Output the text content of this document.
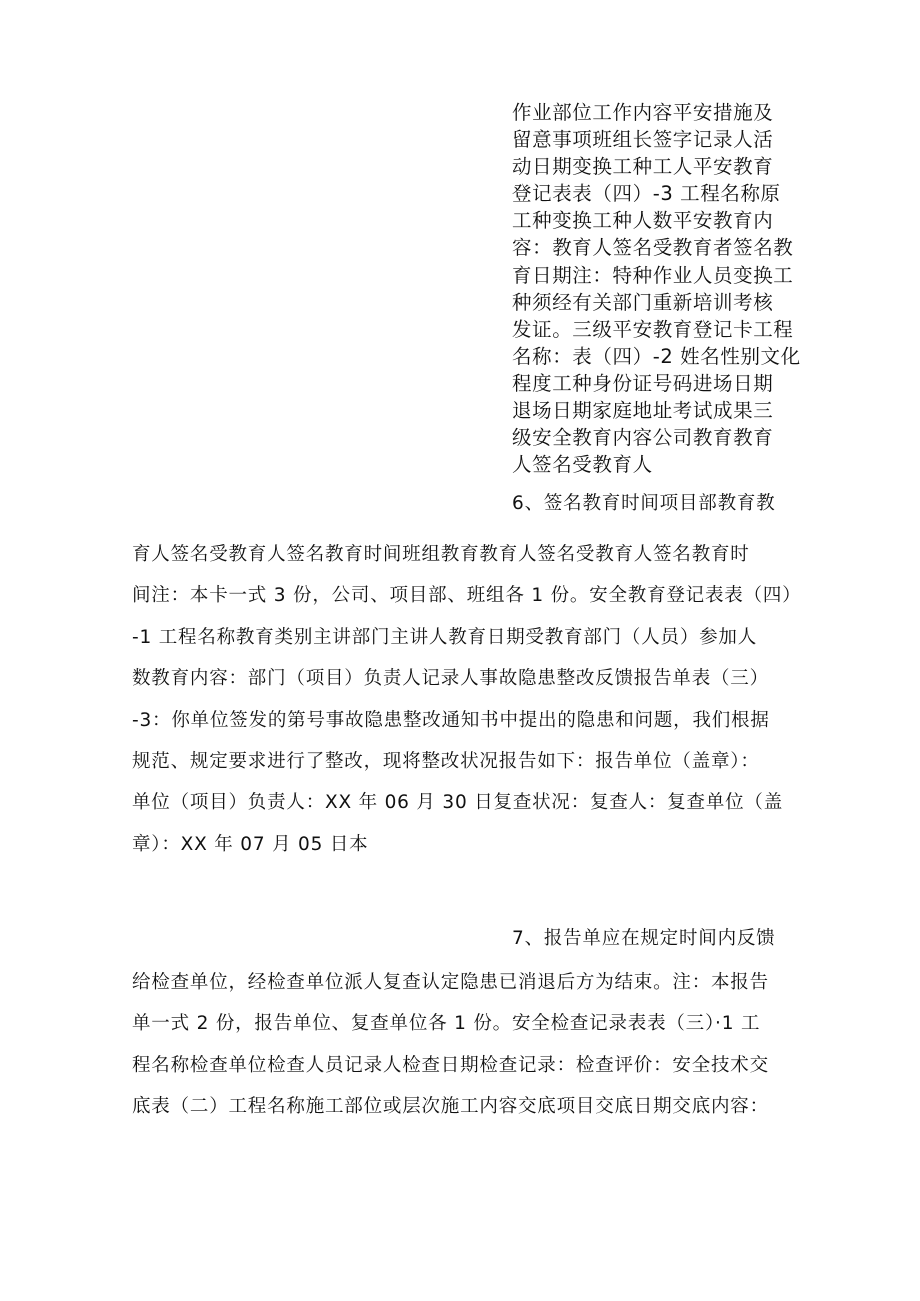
作业部位工作内容平安措施及
留意事项班组长签字记录人活
动日期变换工种工人平安教育
登记表表（四）-3 工程名称原
工种变换工种人数平安教育内
容：教育人签名受教育者签名教
育日期注：特种作业人员变换工
种须经有关部门重新培训考核
发证。三级平安教育登记卡工程
名称：表（四）-2 姓名性别文化
程度工种身份证号码进场日期
退场日期家庭地址考试成果三
级安全教育内容公司教育教育
人签名受教育人
6、签名教育时间项目部教育教
育人签名受教育人签名教育时间班组教育教育人签名受教育人签名教育时
间注：本卡一式 3 份，公司、项目部、班组各 1 份。安全教育登记表表（四）
-1 工程名称教育类别主讲部门主讲人教育日期受教育部门（人员）参加人
数教育内容：部门（项目）负责人记录人事故隐患整改反馈报告单表（三）
-3：你单位签发的第号事故隐患整改通知书中提出的隐患和问题，我们根据
规范、规定要求进行了整改，现将整改状况报告如下：报告单位（盖章）：
单位（项目）负责人：XX 年 06 月 30 日复查状况：复查人：复查单位（盖
章）：XX 年 07 月 05 日本
7、报告单应在规定时间内反馈
给检查单位，经检查单位派人复查认定隐患已消退后方为结束。注：本报告
单一式 2 份，报告单位、复查单位各 1 份。安全检查记录表表（三）·1 工
程名称检查单位检查人员记录人检查日期检查记录：检查评价：安全技术交
底表（二）工程名称施工部位或层次施工内容交底项目交底日期交底内容：
